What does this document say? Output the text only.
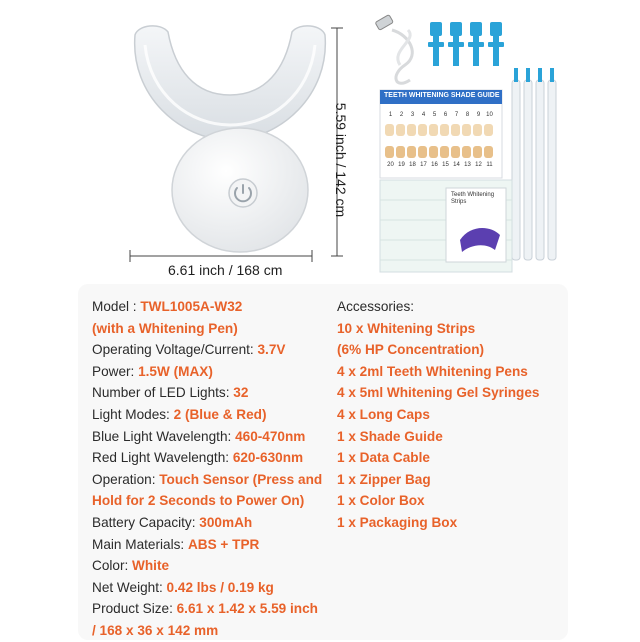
TEETH WHITENING SHADE GUIDE
1	2	3	4	5	6	7	8	9 10
20 19 18 17 16 15 14 13 12 11
Teeth Whitening
Strips
6.61 inch / 168 cm
5.59 inch / 142 cm
Model : TWL1005A-W32
(with a Whitening Pen)
Operating Voltage/Current: 3.7V
Power: 1.5W (MAX)
Number of LED Lights: 32
Light Modes: 2 (Blue & Red)
Blue Light Wavelength: 460-470nm
Red Light Wavelength: 620-630nm
Operation: Touch Sensor (Press and
Hold for 2 Seconds to Power On)
Battery Capacity: 300mAh
Main Materials: ABS + TPR
Color: White
Net Weight: 0.42 lbs / 0.19 kg
Product Size: 6.61 x 1.42 x 5.59 inch
/ 168 x 36 x 142 mm
Accessories:
10 x Whitening Strips
(6% HP Concentration)
4 x 2ml Teeth Whitening Pens
4 x 5ml Whitening Gel Syringes
4 x Long Caps
1 x Shade Guide
1 x Data Cable
1 x Zipper Bag
1 x Color Box
1 x Packaging Box
